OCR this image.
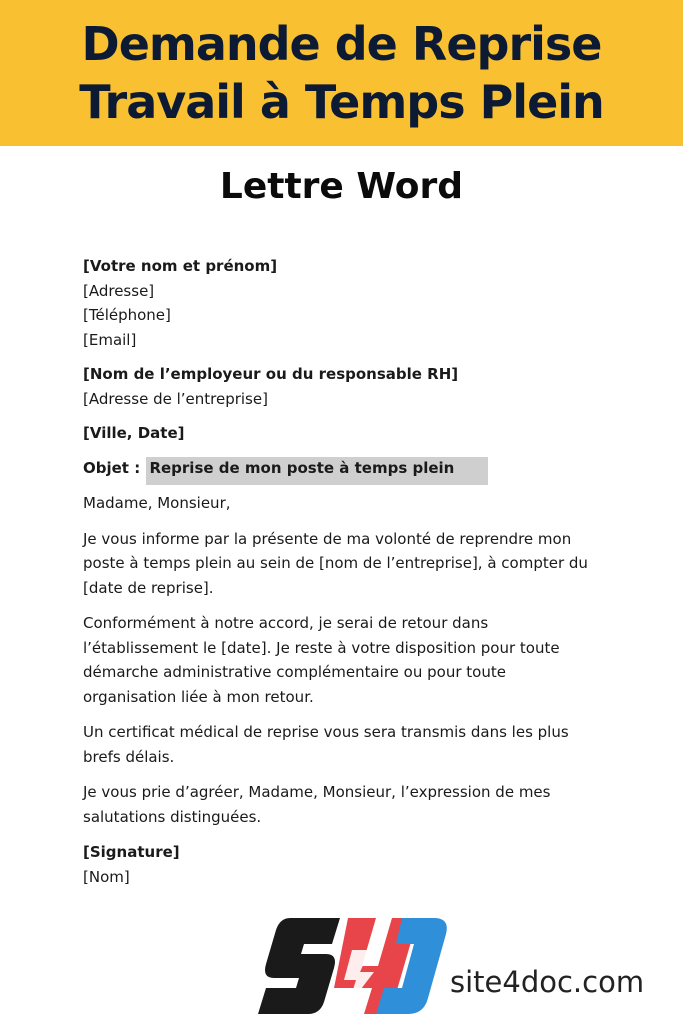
Demande de Reprise
Travail à Temps Plein
Lettre Word
[Votre nom et prénom]
[Adresse]
[Téléphone]
[Email]
[Nom de l’employeur ou du responsable RH]
[Adresse de l’entreprise]
[Ville, Date]
Objet : Reprise de mon poste à temps plein
Madame, Monsieur,

Je vous informe par la présente de ma volonté de reprendre mon poste à temps plein au sein de [nom de l’entreprise], à compter du [date de reprise].

Conformément à notre accord, je serai de retour dans l’établissement le [date]. Je reste à votre disposition pour toute démarche administrative complémentaire ou pour toute organisation liée à mon retour.

Un certificat médical de reprise vous sera transmis dans les plus brefs délais.

Je vous prie d’agréer, Madame, Monsieur, l’expression de mes salutations distinguées.

[Signature]
[Nom]
site4doc.com
